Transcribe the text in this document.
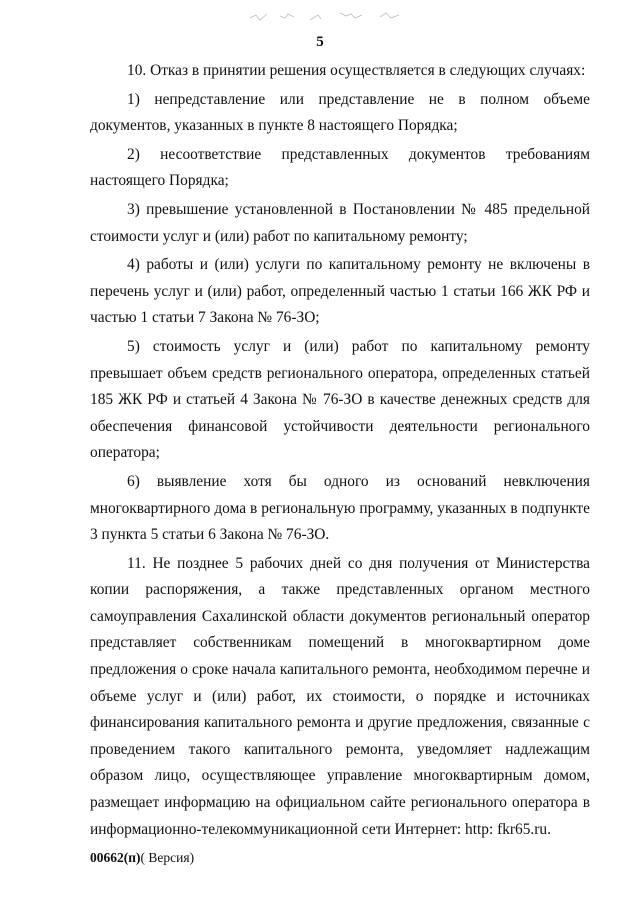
5

10. Отказ в принятии решения осуществляется в следующих случаях:

1) непредставление или представление не в полном объеме документов, указанных в пункте 8 настоящего Порядка;

2) несоответствие представленных документов требованиям настоящего Порядка;

3) превышение установленной в Постановлении № 485 предельной стоимости услуг и (или) работ по капитальному ремонту;

4) работы и (или) услуги по капитальному ремонту не включены в перечень услуг и (или) работ, определенный частью 1 статьи 166 ЖК РФ и частью 1 статьи 7 Закона № 76-ЗО;

5) стоимость услуг и (или) работ по капитальному ремонту превышает объем средств регионального оператора, определенных статьей 185 ЖК РФ и статьей 4 Закона № 76-ЗО в качестве денежных средств для обеспечения финансовой устойчивости деятельности регионального оператора;

6) выявление хотя бы одного из оснований невключения многоквартирного дома в региональную программу, указанных в подпункте 3 пункта 5 статьи 6 Закона № 76-ЗО.

11. Не позднее 5 рабочих дней со дня получения от Министерства копии распоряжения, а также представленных органом местного самоуправления Сахалинской области документов региональный оператор представляет собственникам помещений в многоквартирном доме предложения о сроке начала капитального ремонта, необходимом перечне и объеме услуг и (или) работ, их стоимости, о порядке и источниках финансирования капитального ремонта и другие предложения, связанные с проведением такого капитального ремонта, уведомляет надлежащим образом лицо, осуществляющее управление многоквартирным домом, размещает информацию на официальном сайте регионального оператора в информационно-телекоммуникационной сети Интернет: http: fkr65.ru.

00662(п)( Версия)
